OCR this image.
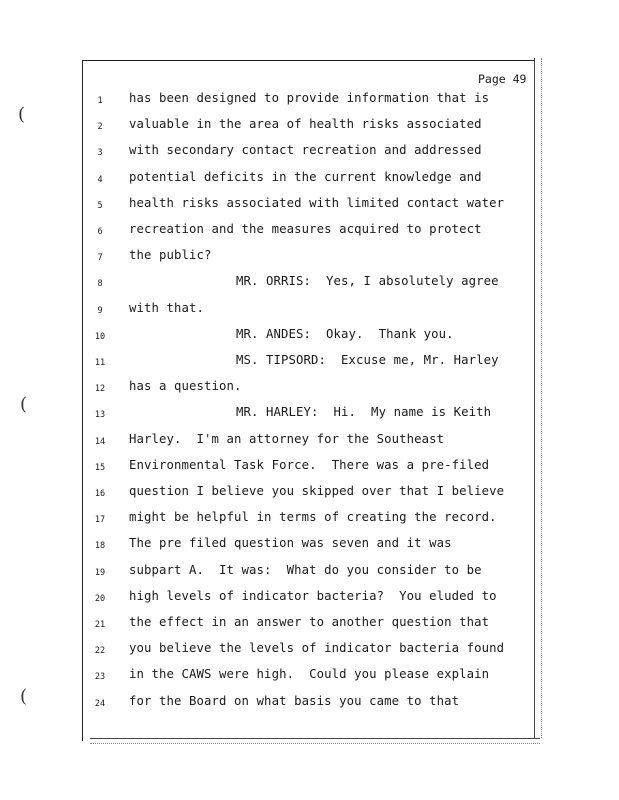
(
(
(
Page 49
1	has been designed to provide information that is
2	valuable in the area of health risks associated
3	with secondary contact recreation and addressed
4	potential deficits in the current knowledge and
5	health risks associated with limited contact water
6	recreation and the measures acquired to protect
7	the public?
8	MR. ORRIS:  Yes, I absolutely agree
9	with that.
10	MR. ANDES:  Okay.  Thank you.
11	MS. TIPSORD:  Excuse me, Mr. Harley
12	has a question.
13	MR. HARLEY:  Hi.  My name is Keith
14	Harley.  I'm an attorney for the Southeast
15	Environmental Task Force.  There was a pre-filed
16	question I believe you skipped over that I believe
17	might be helpful in terms of creating the record.
18	The pre filed question was seven and it was
19	subpart A.  It was:  What do you consider to be
20	high levels of indicator bacteria?  You eluded to
21	the effect in an answer to another question that
22	you believe the levels of indicator bacteria found
23	in the CAWS were high.  Could you please explain
24	for the Board on what basis you came to that
